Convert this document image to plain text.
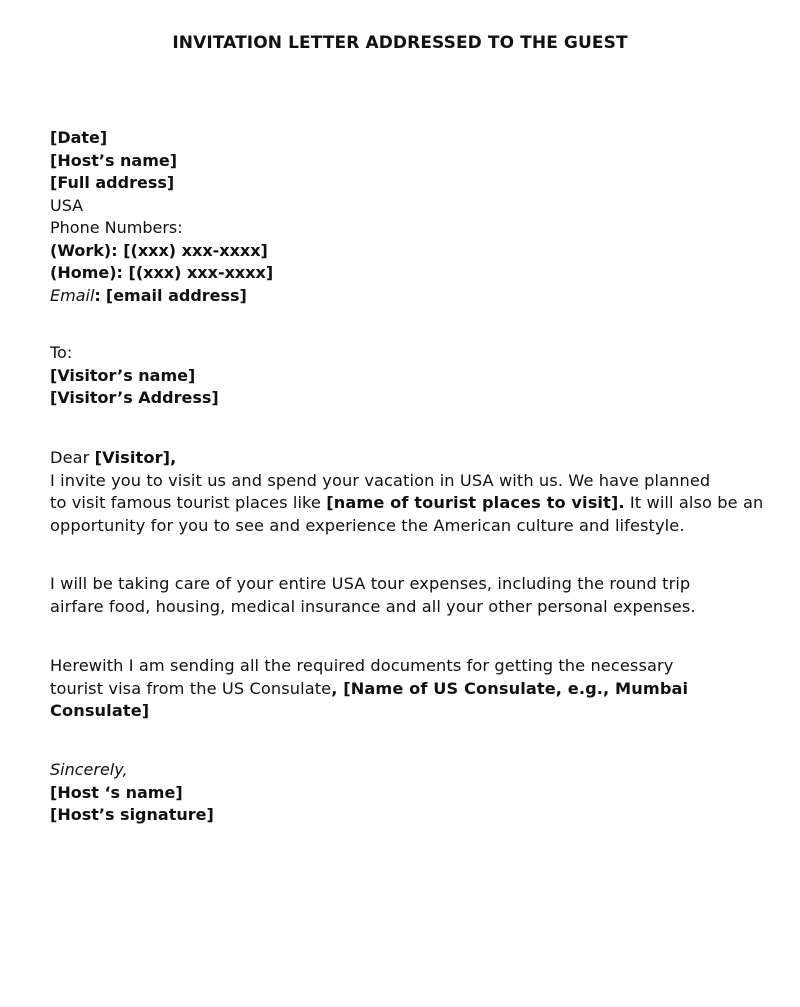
INVITATION LETTER ADDRESSED TO THE GUEST
[Date]
[Host’s name]
[Full address]
USA
Phone Numbers:
(Work): [(xxx) xxx-xxxx]
(Home): [(xxx) xxx-xxxx]
Email: [email address]
To:
[Visitor’s name]
[Visitor’s Address]
Dear [Visitor],
I invite you to visit us and spend your vacation in USA with us. We have planned
to visit famous tourist places like [name of tourist places to visit]. It will also be an
opportunity for you to see and experience the American culture and lifestyle.
I will be taking care of your entire USA tour expenses, including the round trip
airfare food, housing, medical insurance and all your other personal expenses.
Herewith I am sending all the required documents for getting the necessary
tourist visa from the US Consulate, [Name of US Consulate, e.g., Mumbai
Consulate]
Sincerely,
[Host ‘s name]
[Host’s signature]
